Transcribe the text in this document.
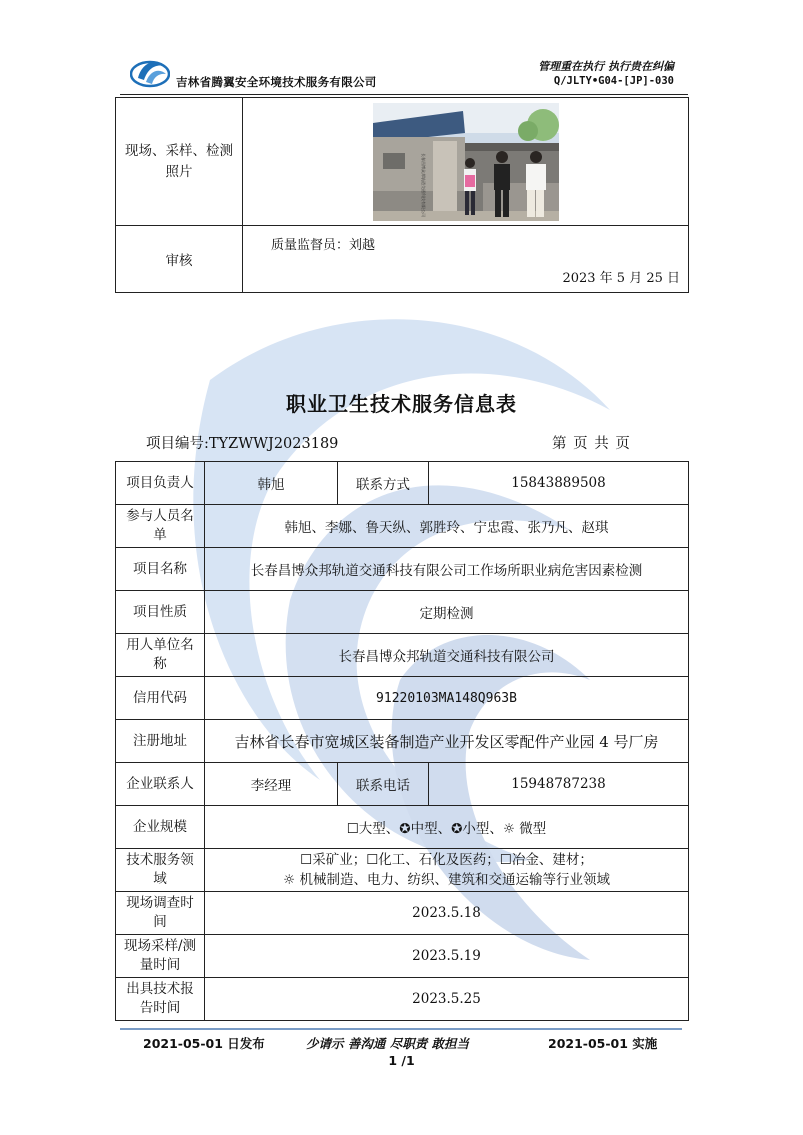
吉林省腾翼安全环境技术服务有限公司
管理重在执行 执行贵在纠偏
Q/JLTY•G04-[JP]-030
现场、采样、检测照片	长春昌博众邦轨道交通科技有限公司

审核	质量监督员：刘越
2023 年 5 月 25 日
职业卫生技术服务信息表
项目编号:TYZWWJ2023189	第 页 共 页
项目负责人	韩旭	联系方式	15843889508
参与人员名单	韩旭、李娜、鲁天纵、郭胜玲、宁忠霞、张乃凡、赵琪		
项目名称	长春昌博众邦轨道交通科技有限公司工作场所职业病危害因素检测		
项目性质	定期检测		
用人单位名称	长春昌博众邦轨道交通科技有限公司		
信用代码	91220103MA148Q963B		
注册地址	吉林省长春市宽城区装备制造产业开发区零配件产业园 4 号厂房		
企业联系人	李经理	联系电话	15948787238
企业规模	☐大型、✪中型、✪小型、☼ 微型		
技术服务领域	☐采矿业；☐化工、石化及医药；☐冶金、建材；
☼ 机械制造、电力、纺织、建筑和交通运输等行业领域		

现场调查时间	2023.5.18		
现场采样/测量时间	2023.5.19		
出具技术报告时间	2023.5.25		
2021-05-01 日发布	少请示 善沟通 尽职责 敢担当	2021-05-01 实施
1 /1
